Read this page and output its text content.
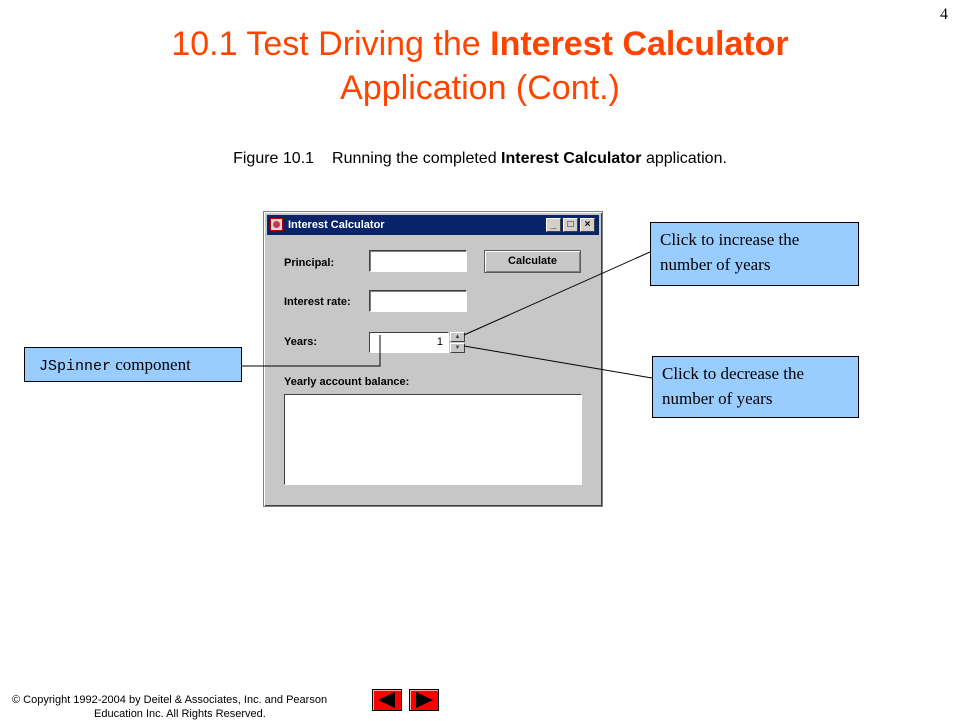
4
10.1 Test Driving the Interest Calculator
Application (Cont.)
Figure 10.1 Running the completed Interest Calculator application.
Interest Calculator	_	□	×
Principal:	Calculate
Interest rate:
Years:	1	▲
▼
Yearly account balance:
Click to increase the number of years
Click to decrease the number of years
JSpinner component
© Copyright 1992-2004 by Deitel & Associates, Inc. and Pearson
Education Inc. All Rights Reserved.
